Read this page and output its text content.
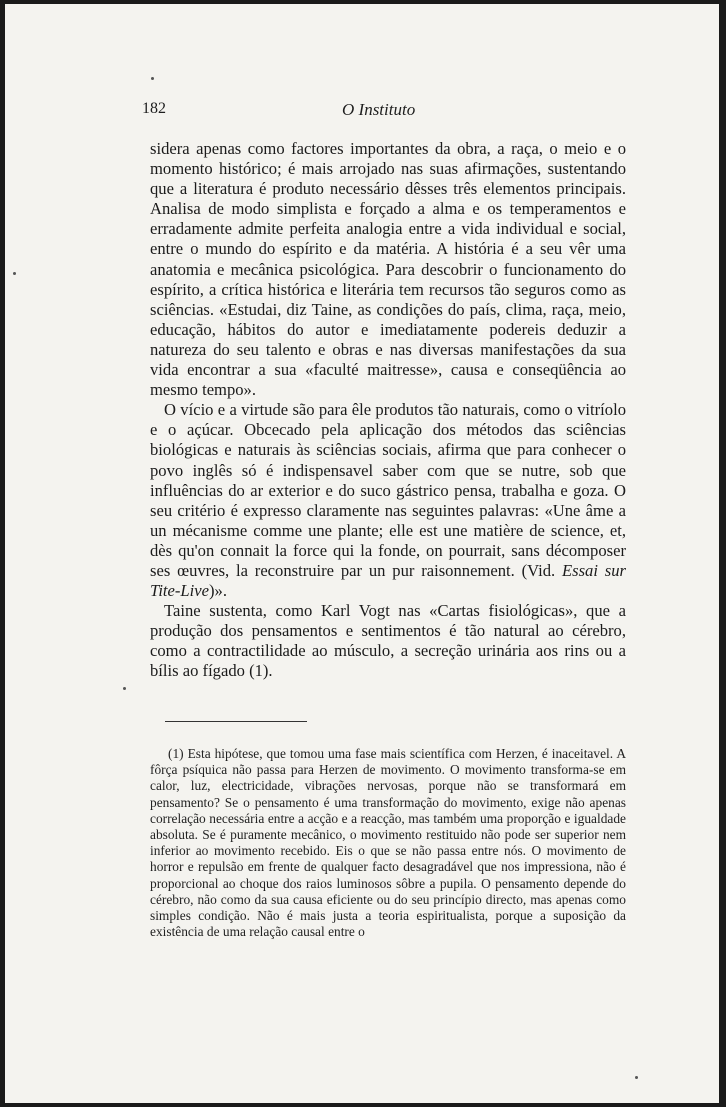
182	O Instituto

sidera apenas como factores importantes da obra, a raça, o meio e o momento histórico; é mais arrojado nas suas afirmações, sustentando que a literatura é produto necessário dêsses três elementos principais. Analisa de modo simplista e forçado a alma e os temperamentos e erradamente admite perfeita analogia entre a vida individual e social, entre o mundo do espírito e da matéria. A história é a seu vêr uma anatomia e mecânica psicológica. Para descobrir o funcionamento do espírito, a crítica histórica e literária tem recursos tão seguros como as sciências. «Estudai, diz Taine, as condições do país, clima, raça, meio, educação, hábitos do autor e imediatamente podereis deduzir a natureza do seu talento e obras e nas diversas manifestações da sua vida encontrar a sua «faculté maitresse», causa e conseqüência ao mesmo tempo».

O vício e a virtude são para êle produtos tão naturais, como o vitríolo e o açúcar. Obcecado pela aplicação dos métodos das sciências biológicas e naturais às sciências sociais, afirma que para conhecer o povo inglês só é indispensavel saber com que se nutre, sob que influências do ar exterior e do suco gástrico pensa, trabalha e goza. O seu critério é expresso claramente nas seguintes palavras: «Une âme a un mécanisme comme une plante; elle est une matière de science, et, dès qu'on connait la force qui la fonde, on pourrait, sans décomposer ses œuvres, la reconstruire par un pur raisonnement. (Vid. Essai sur Tite-Live)».

Taine sustenta, como Karl Vogt nas «Cartas fisiológicas», que a produção dos pensamentos e sentimentos é tão natural ao cérebro, como a contractilidade ao músculo, a secreção urinária aos rins ou a bílis ao fígado (1).

(1) Esta hipótese, que tomou uma fase mais scientífica com Herzen, é inaceitavel. A fôrça psíquica não passa para Herzen de movimento. O movimento transforma-se em calor, luz, electricidade, vibrações nervosas, porque não se transformará em pensamento? Se o pensamento é uma transformação do movimento, exige não apenas correlação necessária entre a acção e a reacção, mas também uma proporção e igualdade absoluta. Se é puramente mecânico, o movimento restituido não pode ser superior nem inferior ao movimento recebido. Eis o que se não passa entre nós. O movimento de horror e repulsão em frente de qualquer facto desagradável que nos impressiona, não é proporcional ao choque dos raios luminosos sôbre a pupila. O pensamento depende do cérebro, não como da sua causa eficiente ou do seu princípio directo, mas apenas como simples condição. Não é mais justa a teoria espiritualista, porque a suposição da existência de uma relação causal entre o
